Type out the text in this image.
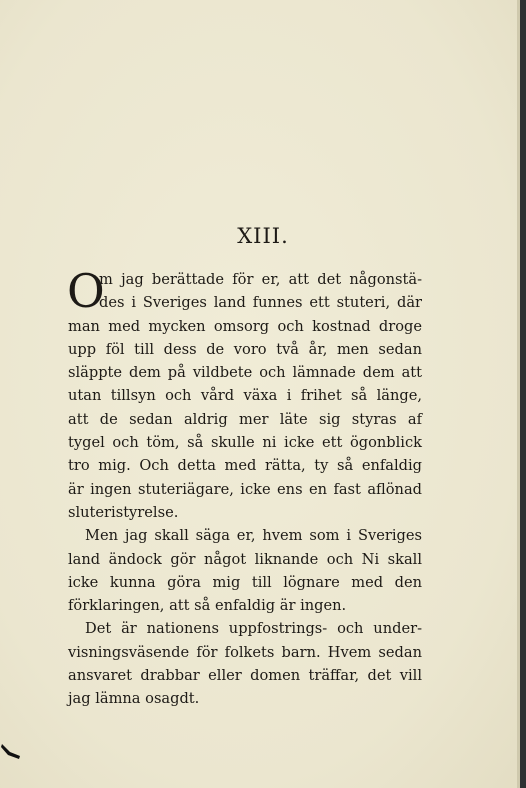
XIII.
O
m jag berättade för er, att det någonstä-
des i Sveriges land funnes ett stuteri, där
man med mycken omsorg och kostnad droge
upp föl till dess de voro två år, men sedan
släppte dem på vildbete och lämnade dem att
utan tillsyn och vård växa i frihet så länge,
att de sedan aldrig mer läte sig styras af
tygel och töm, så skulle ni icke ett ögonblick
tro mig. Och detta med rätta, ty så enfaldig
är ingen stuteriägare, icke ens en fast aflönad
sluteristyrelse.
Men jag skall säga er, hvem som i Sveriges
land ändock gör något liknande och Ni skall
icke kunna göra mig till lögnare med den
förklaringen, att så enfaldig är ingen.
Det är nationens uppfostrings- och under-
visningsväsende för folkets barn. Hvem sedan
ansvaret drabbar eller domen träffar, det vill
jag lämna osagdt.
